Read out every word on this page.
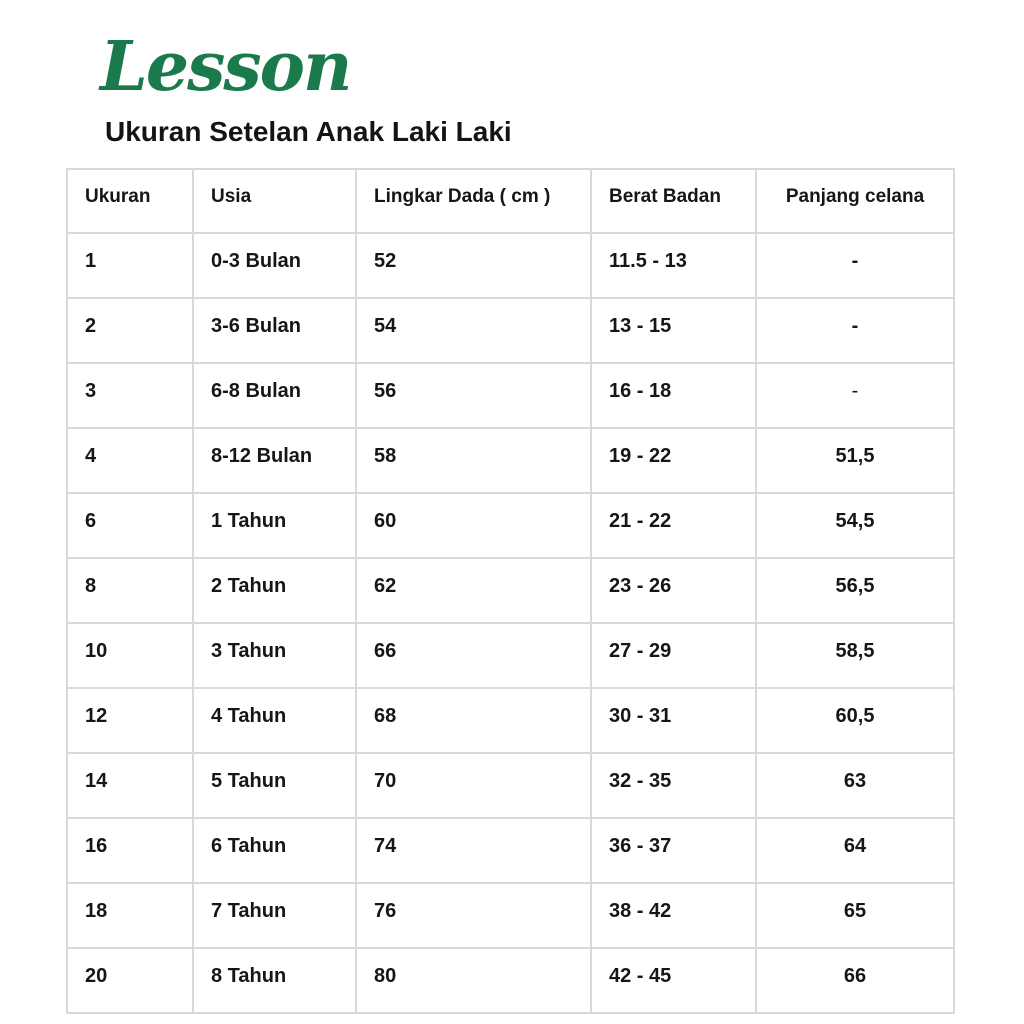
Lesson
Ukuran Setelan Anak Laki Laki
Ukuran	Usia	Lingkar Dada ( cm )	Berat Badan	Panjang celana
1	0-3 Bulan	52	11.5 - 13	-
2	3-6 Bulan	54	13 - 15	-
3	6-8 Bulan	56	16 - 18	-
4	8-12 Bulan	58	19 - 22	51,5
6	1 Tahun	60	21 - 22	54,5
8	2 Tahun	62	23 - 26	56,5
10	3 Tahun	66	27 - 29	58,5
12	4 Tahun	68	30 - 31	60,5
14	5 Tahun	70	32 - 35	63
16	6 Tahun	74	36 - 37	64
18	7 Tahun	76	38 - 42	65
20	8 Tahun	80	42 - 45	66
